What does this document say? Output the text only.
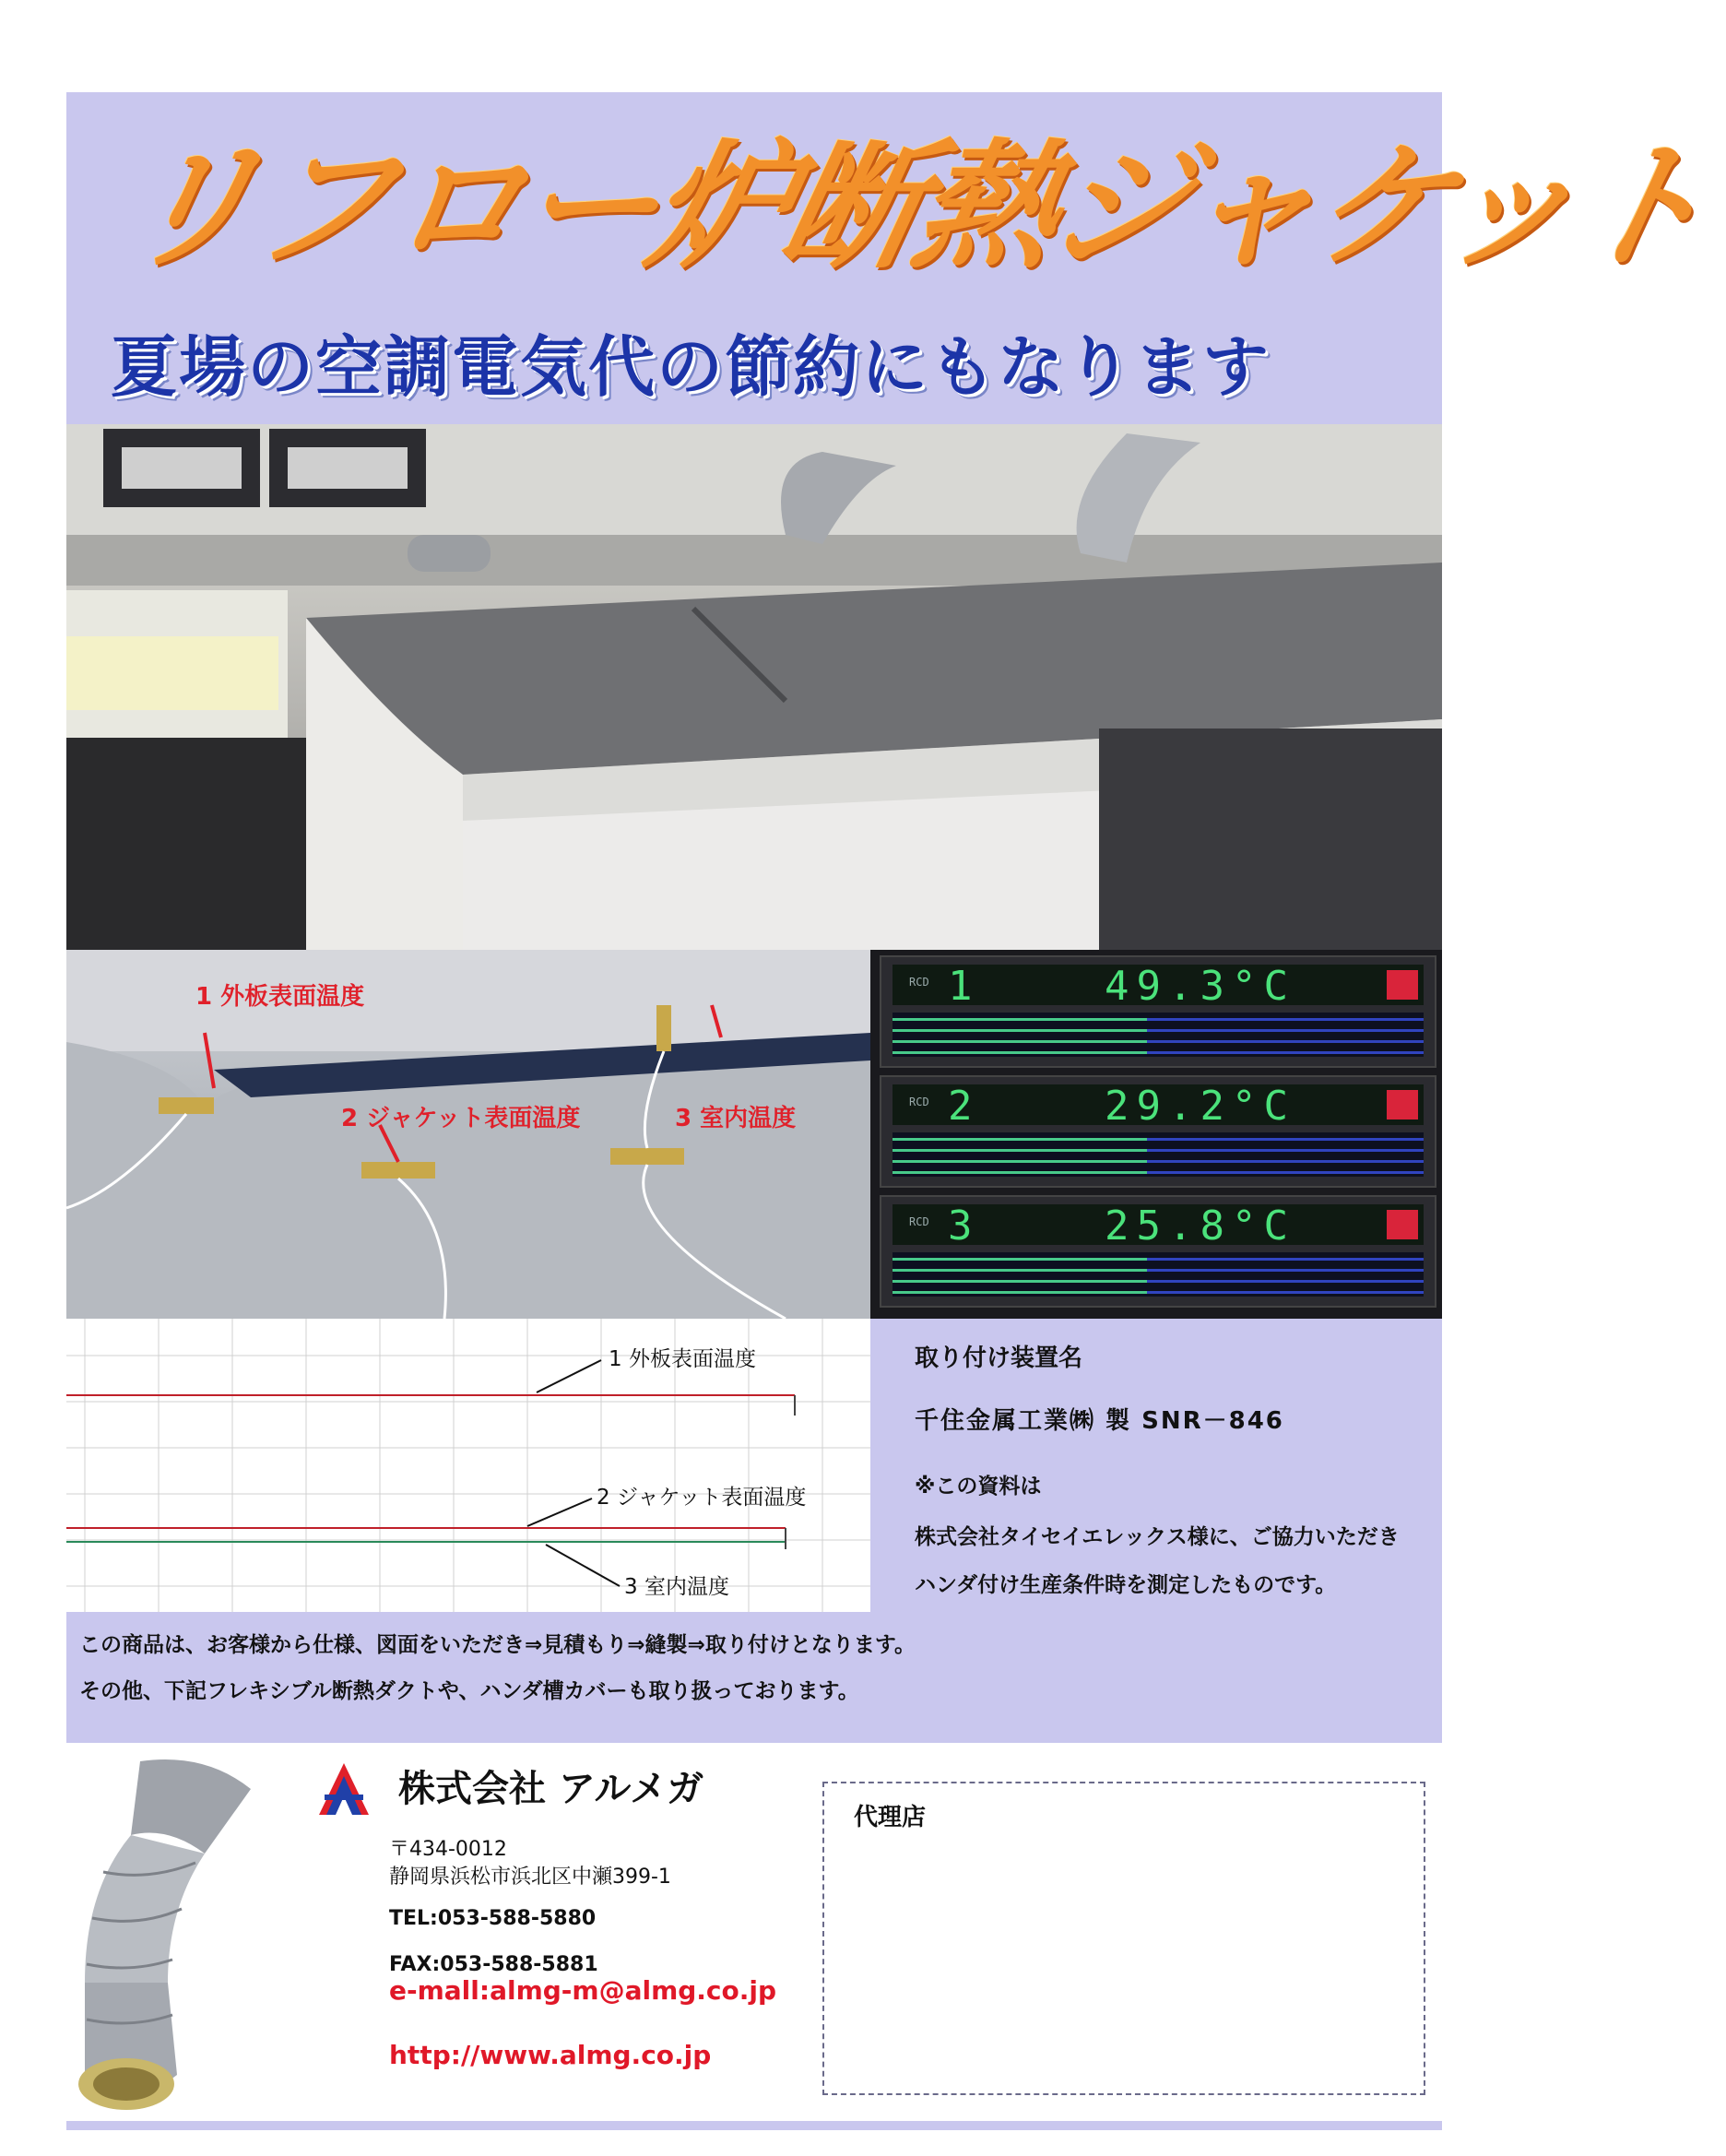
リフロー炉断熱ジャケット
夏場の空調電気代の節約にもなります
1 外板表面温度
2 ジャケット表面温度	3 室内温度
RCD 1	49.3°C
RCD 2	29.2°C
RCD 3	25.8°C
1 外板表面温度
2 ジャケット表面温度
3 室内温度
取り付け装置名
千住金属工業㈱ 製 SNR－846
※この資料は
株式会社タイセイエレックス様に、ご協力いただき
ハンダ付け生産条件時を測定したものです。
この商品は、お客様から仕様、図面をいただき⇒見積もり⇒縫製⇒取り付けとなります。
その他、下記フレキシブル断熱ダクトや、ハンダ槽カバーも取り扱っております。
株式会社 アルメガ
〒434-0012
静岡県浜松市浜北区中瀬399-1
TEL:053-588-5880
FAX:053-588-5881
e-mall:almg-m@almg.co.jp
http://www.almg.co.jp
代理店
